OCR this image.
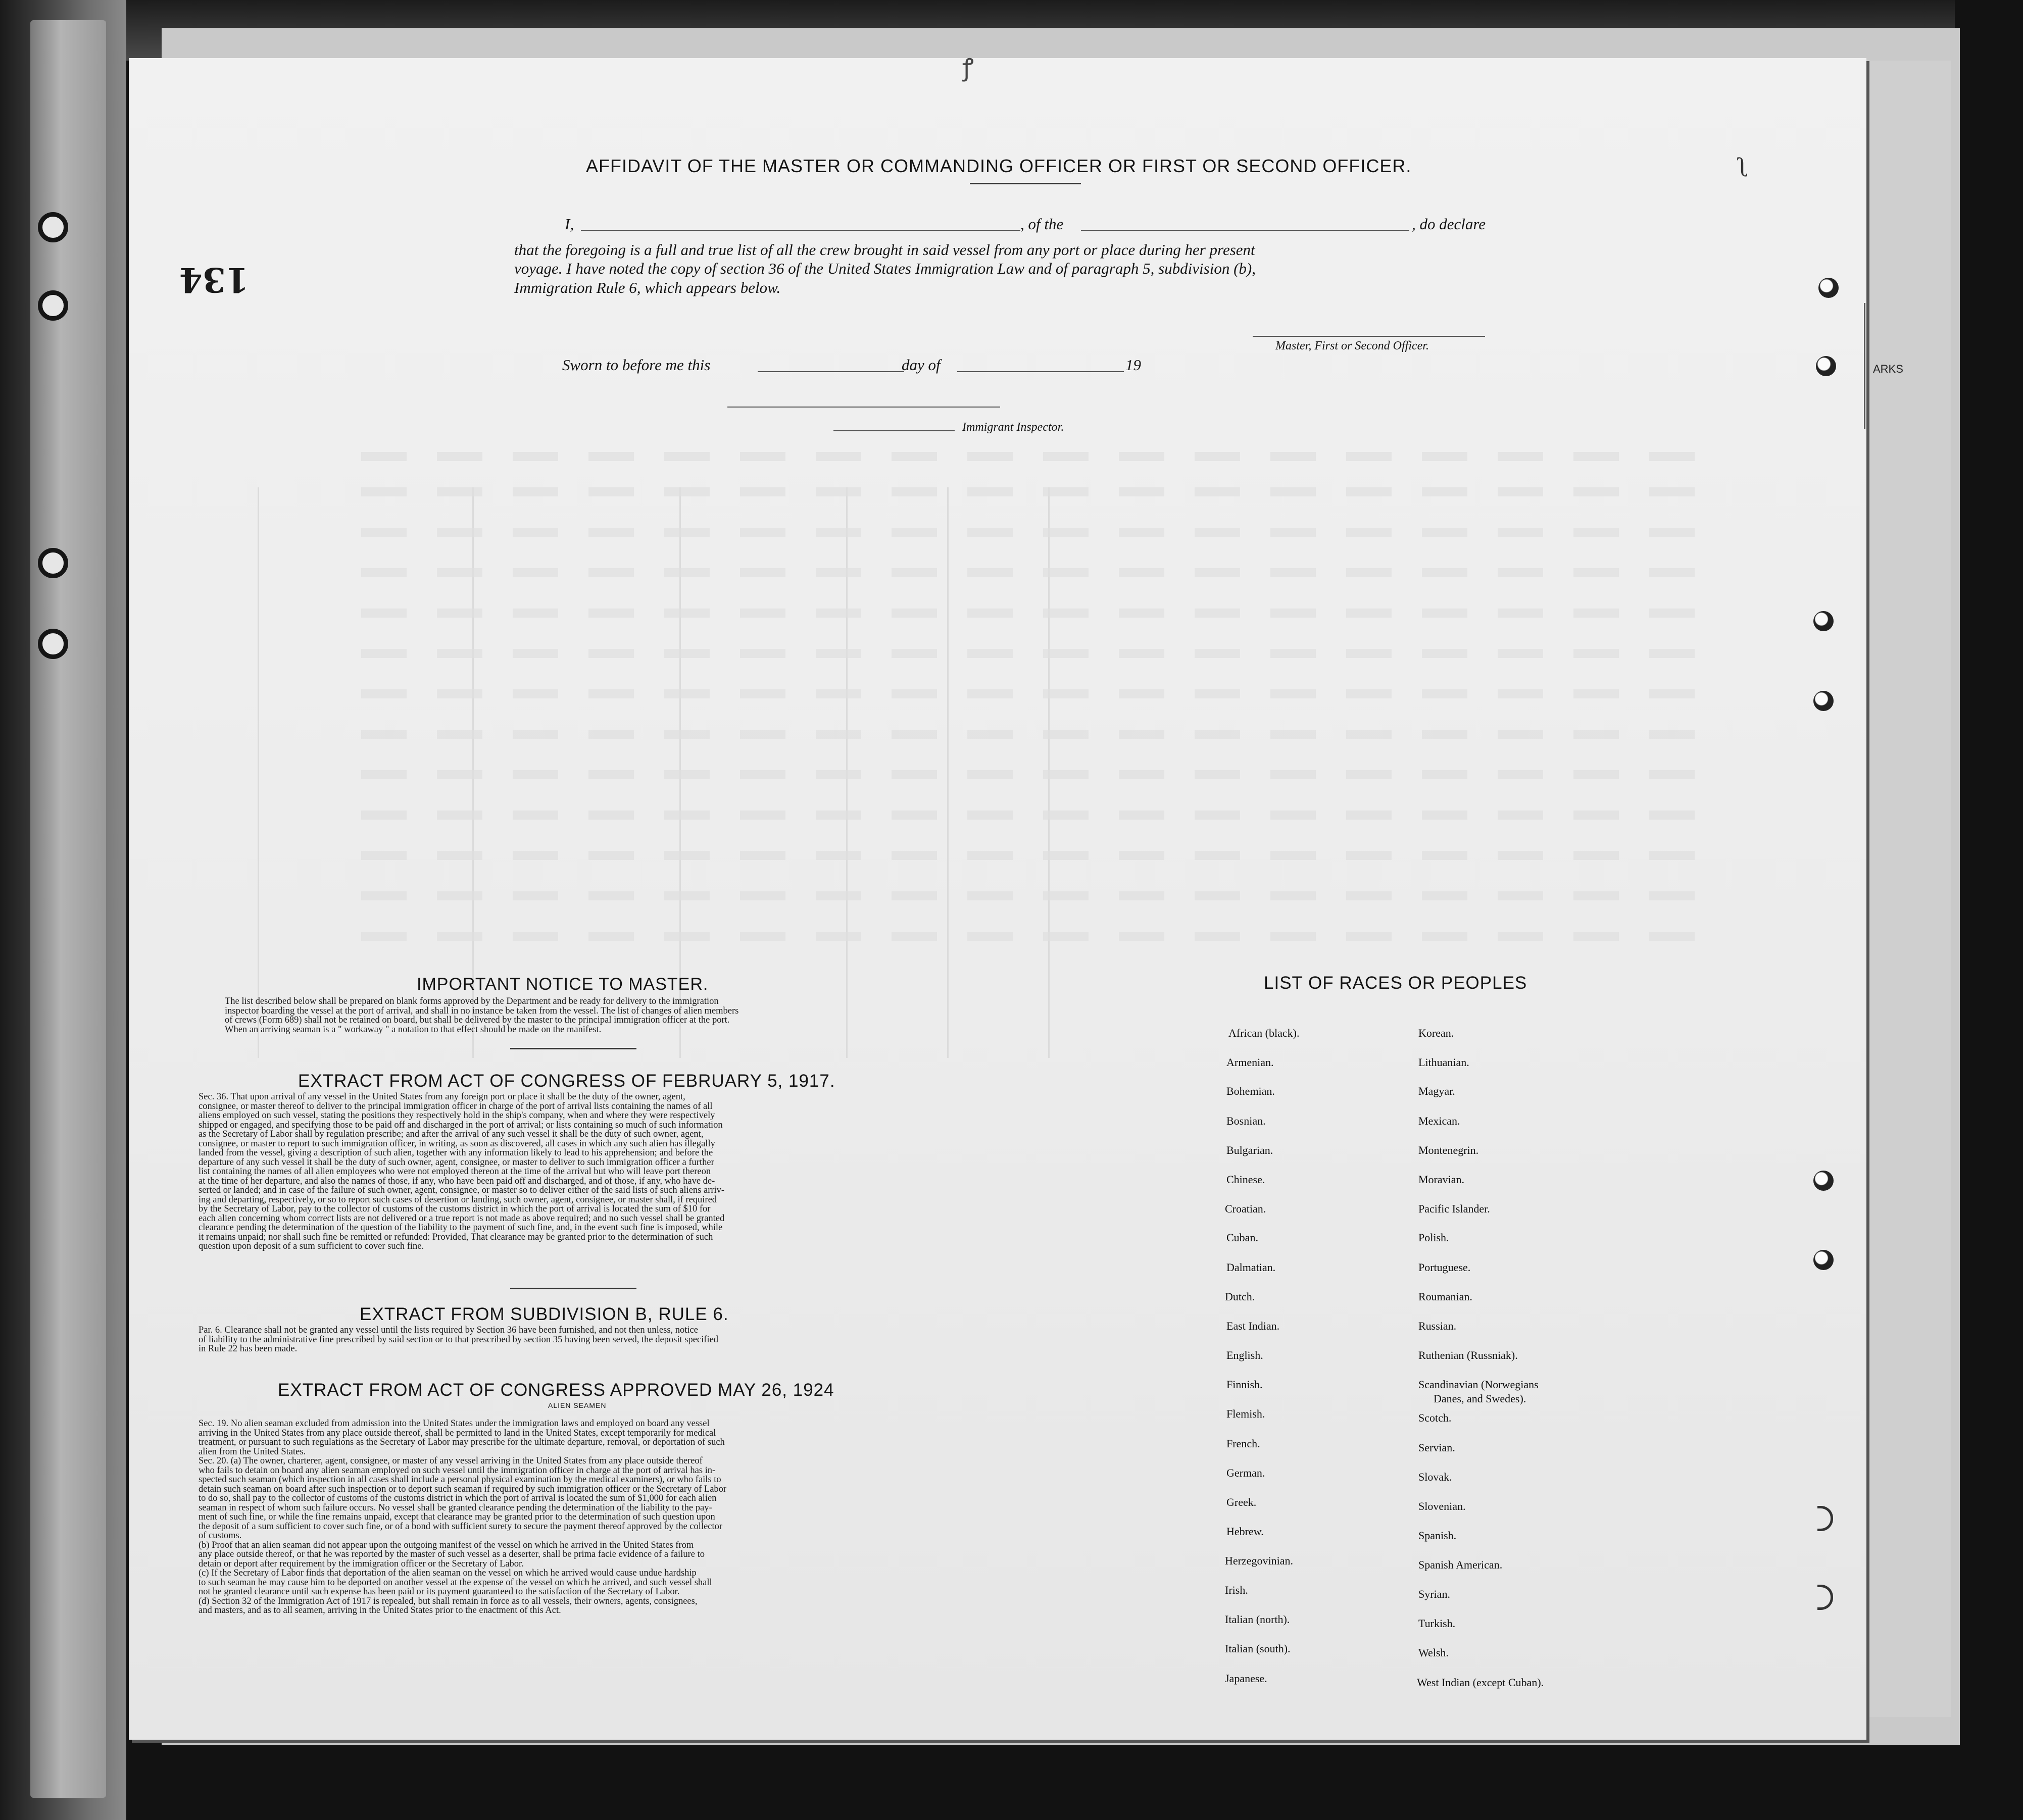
134
ꝭ
ʅ
ARKS
AFFIDAVIT OF THE MASTER OR COMMANDING OFFICER OR FIRST OR SECOND OFFICER.
I,	, of the	, do declare
that the foregoing is a full and true list of all the crew brought in said vessel from any port or place during her present
voyage. I have noted the copy of section 36 of the United States Immigration Law and of paragraph 5, subdivision (b),
Immigration Rule 6, which appears below.
Master, First or Second Officer.
Sworn to before me this	day of	19
Immigrant Inspector.
IMPORTANT NOTICE TO MASTER.
The list described below shall be prepared on blank forms approved by the Department and be ready for delivery to the immigration
inspector boarding the vessel at the port of arrival, and shall in no instance be taken from the vessel. The list of changes of alien members
of crews (Form 689) shall not be retained on board, but shall be delivered by the master to the principal immigration officer at the port.
When an arriving seaman is a " workaway " a notation to that effect should be made on the manifest.
EXTRACT FROM ACT OF CONGRESS OF FEBRUARY 5, 1917.
Sec. 36. That upon arrival of any vessel in the United States from any foreign port or place it shall be the duty of the owner, agent,
consignee, or master thereof to deliver to the principal immigration officer in charge of the port of arrival lists containing the names of all
aliens employed on such vessel, stating the positions they respectively hold in the ship's company, when and where they were respectively
shipped or engaged, and specifying those to be paid off and discharged in the port of arrival; or lists containing so much of such information
as the Secretary of Labor shall by regulation prescribe; and after the arrival of any such vessel it shall be the duty of such owner, agent,
consignee, or master to report to such immigration officer, in writing, as soon as discovered, all cases in which any such alien has illegally
landed from the vessel, giving a description of such alien, together with any information likely to lead to his apprehension; and before the
departure of any such vessel it shall be the duty of such owner, agent, consignee, or master to deliver to such immigration officer a further
list containing the names of all alien employees who were not employed thereon at the time of the arrival but who will leave port thereon
at the time of her departure, and also the names of those, if any, who have been paid off and discharged, and of those, if any, who have de-
serted or landed; and in case of the failure of such owner, agent, consignee, or master so to deliver either of the said lists of such aliens arriv-
ing and departing, respectively, or so to report such cases of desertion or landing, such owner, agent, consignee, or master shall, if required
by the Secretary of Labor, pay to the collector of customs of the customs district in which the port of arrival is located the sum of $10 for
each alien concerning whom correct lists are not delivered or a true report is not made as above required; and no such vessel shall be granted
clearance pending the determination of the question of the liability to the payment of such fine, and, in the event such fine is imposed, while
it remains unpaid; nor shall such fine be remitted or refunded: Provided, That clearance may be granted prior to the determination of such
question upon deposit of a sum sufficient to cover such fine.
EXTRACT FROM SUBDIVISION B, RULE 6.
Par. 6. Clearance shall not be granted any vessel until the lists required by Section 36 have been furnished, and not then unless, notice
of liability to the administrative fine prescribed by said section or to that prescribed by section 35 having been served, the deposit specified
in Rule 22 has been made.
EXTRACT FROM ACT OF CONGRESS APPROVED MAY 26, 1924
ALIEN SEAMEN
Sec. 19. No alien seaman excluded from admission into the United States under the immigration laws and employed on board any vessel
arriving in the United States from any place outside thereof, shall be permitted to land in the United States, except temporarily for medical
treatment, or pursuant to such regulations as the Secretary of Labor may prescribe for the ultimate departure, removal, or deportation of such
alien from the United States.
Sec. 20. (a) The owner, charterer, agent, consignee, or master of any vessel arriving in the United States from any place outside thereof
who fails to detain on board any alien seaman employed on such vessel until the immigration officer in charge at the port of arrival has in-
spected such seaman (which inspection in all cases shall include a personal physical examination by the medical examiners), or who fails to
detain such seaman on board after such inspection or to deport such seaman if required by such immigration officer or the Secretary of Labor
to do so, shall pay to the collector of customs of the customs district in which the port of arrival is located the sum of $1,000 for each alien
seaman in respect of whom such failure occurs. No vessel shall be granted clearance pending the determination of the liability to the pay-
ment of such fine, or while the fine remains unpaid, except that clearance may be granted prior to the determination of such question upon
the deposit of a sum sufficient to cover such fine, or of a bond with sufficient surety to secure the payment thereof approved by the collector
of customs.
(b) Proof that an alien seaman did not appear upon the outgoing manifest of the vessel on which he arrived in the United States from
any place outside thereof, or that he was reported by the master of such vessel as a deserter, shall be prima facie evidence of a failure to
detain or deport after requirement by the immigration officer or the Secretary of Labor.
(c) If the Secretary of Labor finds that deportation of the alien seaman on the vessel on which he arrived would cause undue hardship
to such seaman he may cause him to be deported on another vessel at the expense of the vessel on which he arrived, and such vessel shall
not be granted clearance until such expense has been paid or its payment guaranteed to the satisfaction of the Secretary of Labor.
(d) Section 32 of the Immigration Act of 1917 is repealed, but shall remain in force as to all vessels, their owners, agents, consignees,
and masters, and as to all seamen, arriving in the United States prior to the enactment of this Act.
LIST OF RACES OR PEOPLES
African (black).
Armenian.
Bohemian.
Bosnian.
Bulgarian.
Chinese.
Croatian.
Cuban.
Dalmatian.
Dutch.
East Indian.
English.
Finnish.
Flemish.
French.
German.
Greek.
Hebrew.
Herzegovinian.
Irish.
Italian (north).
Italian (south).
Japanese.
Korean.
Lithuanian.
Magyar.
Mexican.
Montenegrin.
Moravian.
Pacific Islander.
Polish.
Portuguese.
Roumanian.
Russian.
Ruthenian (Russniak).
Scandinavian (Norwegians
Danes, and Swedes).
Scotch.
Servian.
Slovak.
Slovenian.
Spanish.
Spanish American.
Syrian.
Turkish.
Welsh.
West Indian (except Cuban).
